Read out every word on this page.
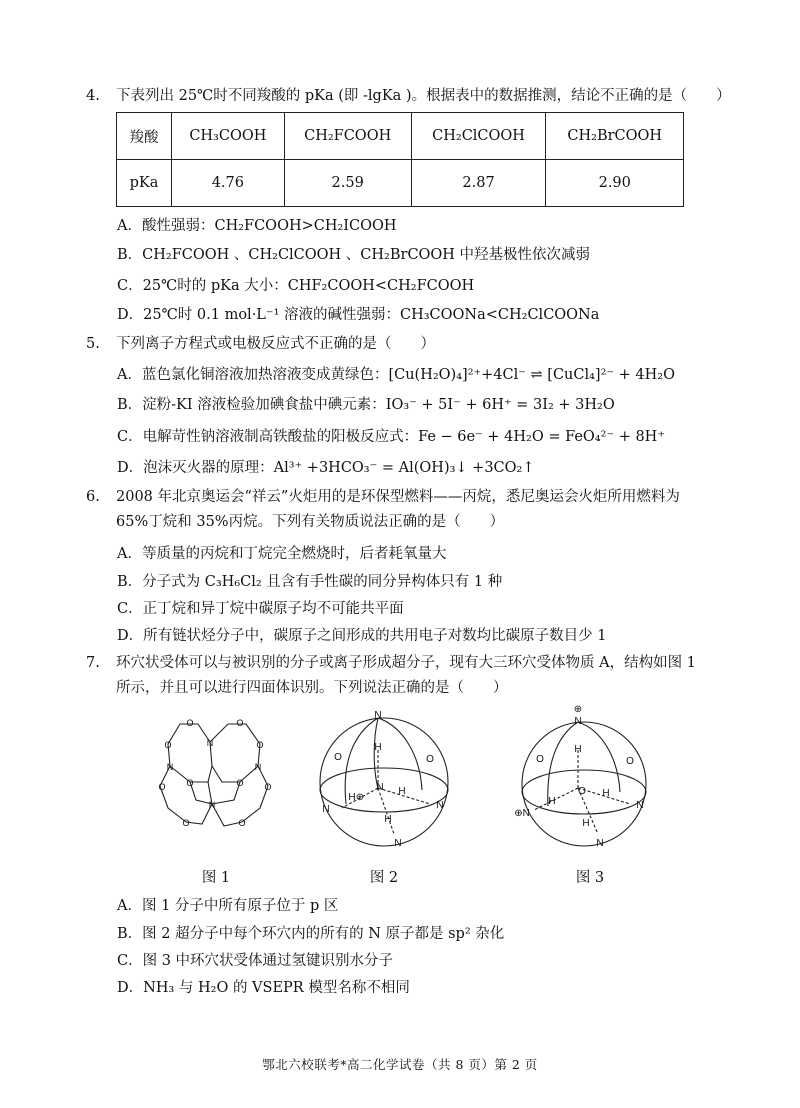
4. 下表列出 25℃时不同羧酸的 pKa (即 -lgKa )。根据表中的数据推测，结论不正确的是（　　）
羧酸	CH₃COOH	CH₂FCOOH	CH₂ClCOOH	CH₂BrCOOH
pKa	4.76	2.59	2.87	2.90
A．酸性强弱：CH₂FCOOH>CH₂ICOOH
B．CH₂FCOOH 、CH₂ClCOOH 、CH₂BrCOOH 中羟基极性依次减弱
C．25℃时的 pKa 大小：CHF₂COOH<CH₂FCOOH
D．25℃时 0.1 mol·L⁻¹ 溶液的碱性强弱：CH₃COONa<CH₂ClCOONa
5. 下列离子方程式或电极反应式不正确的是（　　）
A．蓝色氯化铜溶液加热溶液变成黄绿色：[Cu(H₂O)₄]²⁺+4Cl⁻ ⇌ [CuCl₄]²⁻ + 4H₂O
B．淀粉-KI 溶液检验加碘食盐中碘元素：IO₃⁻ + 5I⁻ + 6H⁺ = 3I₂ + 3H₂O
C．电解苛性钠溶液制高铁酸盐的阳极反应式：Fe − 6e⁻ + 4H₂O = FeO₄²⁻ + 8H⁺
D．泡沫灭火器的原理：Al³⁺ +3HCO₃⁻ = Al(OH)₃↓ +3CO₂↑
6. 2008 年北京奥运会“祥云”火炬用的是环保型燃料——丙烷，悉尼奥运会火炬所用燃料为
65%丁烷和 35%丙烷。下列有关物质说法正确的是（　　）
A．等质量的丙烷和丁烷完全燃烧时，后者耗氧量大
B．分子式为 C₃H₆Cl₂ 且含有手性碳的同分异构体只有 1 种
C．正丁烷和异丁烷中碳原子均不可能共平面
D．所有链状烃分子中，碳原子之间形成的共用电子对数均比碳原子数目少 1
7. 环穴状受体可以与被识别的分子或离子形成超分子，现有大三环穴受体物质 A，结构如图 1
所示，并且可以进行四面体识别。下列说法正确的是（　　）
N
N
O
O	O
O
N	N
O	O
O	O
O	O
N
H
N
N	N
N
⊕
H
H
O	O
H
⊕
N
H
O
H
H
H
⊕N
N
N
O	O
图 1	图 2	图 3
A．图 1 分子中所有原子位于 p 区
B．图 2 超分子中每个环穴内的所有的 N 原子都是 sp² 杂化
C．图 3 中环穴状受体通过氢键识别水分子
D．NH₃ 与 H₂O 的 VSEPR 模型名称不相同
鄂北六校联考*高二化学试卷（共 8 页）第 2 页
